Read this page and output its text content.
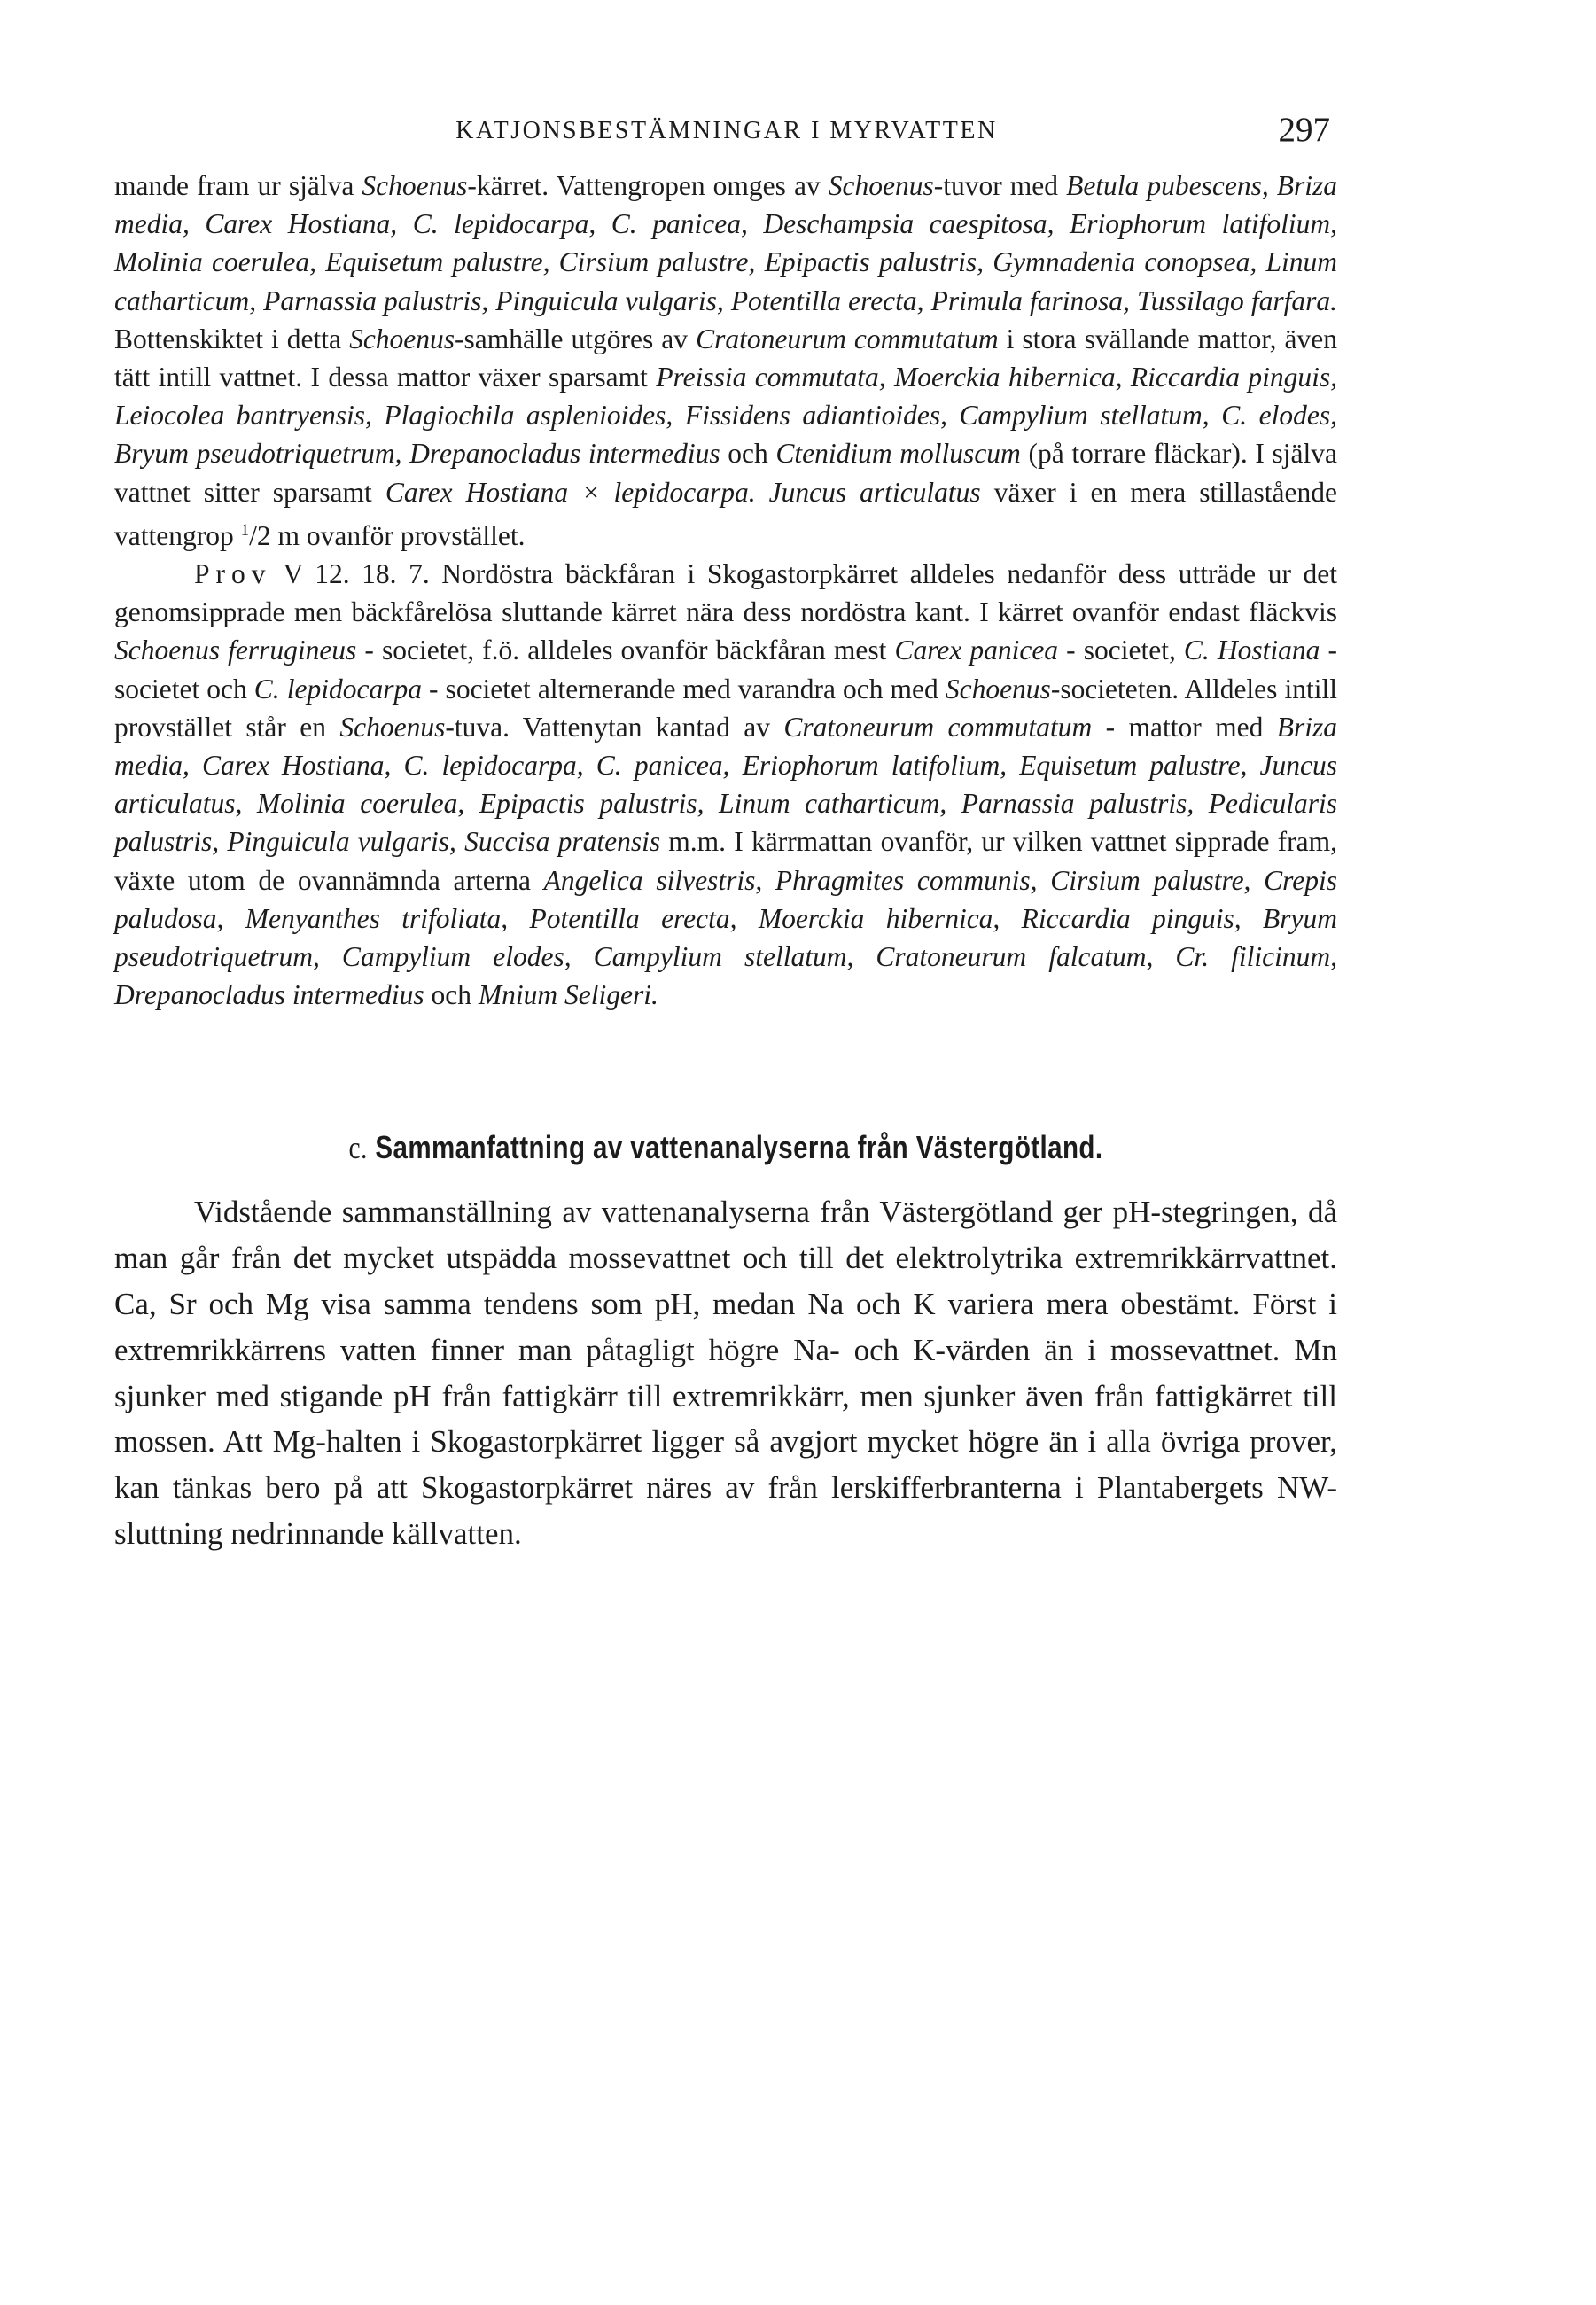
KATJONSBESTÄMNINGAR I MYRVATTEN	297

mande fram ur själva Schoenus-kärret. Vattengropen omges av Schoenus-tuvor med Betula pubescens, Briza media, Carex Hostiana, C. lepidocarpa, C. panicea, Deschampsia caespitosa, Eriophorum latifolium, Molinia coerulea, Equisetum palustre, Cirsium palustre, Epipactis palustris, Gymnadenia conopsea, Linum catharticum, Parnassia palustris, Pinguicula vulgaris, Potentilla erecta, Primula farinosa, Tussilago farfara. Bottenskiktet i detta Schoenus-samhälle utgöres av Cratoneurum commutatum i stora svällande mattor, även tätt intill vattnet. I dessa mattor växer sparsamt Preissia commutata, Moerckia hibernica, Riccardia pinguis, Leiocolea bantryensis, Plagiochila asplenioides, Fissidens adiantioides, Campylium stellatum, C. elodes, Bryum pseudotriquetrum, Drepanocladus intermedius och Ctenidium molluscum (på torrare fläckar). I själva vattnet sitter sparsamt Carex Hostiana × lepidocarpa. Juncus articulatus växer i en mera stillastående vattengrop $^1$/2 m ovanför provstället.

Prov V 12. 18. 7. Nordöstra bäckfåran i Skogastorpkärret alldeles nedanför dess utträde ur det genomsipprade men bäckfårelösa sluttande kärret nära dess nordöstra kant. I kärret ovanför endast fläckvis Schoenus ferrugineus - societet, f.ö. alldeles ovanför bäckfåran mest Carex panicea - societet, C. Hostiana - societet och C. lepidocarpa - societet alternerande med varandra och med Schoenus-societeten. Alldeles intill provstället står en Schoenus-tuva. Vattenytan kantad av Cratoneurum commutatum - mattor med Briza media, Carex Hostiana, C. lepidocarpa, C. panicea, Eriophorum latifolium, Equisetum palustre, Juncus articulatus, Molinia coerulea, Epipactis palustris, Linum catharticum, Parnassia palustris, Pedicularis palustris, Pinguicula vulgaris, Succisa pratensis m.m. I kärrmattan ovanför, ur vilken vattnet sipprade fram, växte utom de ovannämnda arterna Angelica silvestris, Phragmites communis, Cirsium palustre, Crepis paludosa, Menyanthes trifoliata, Potentilla erecta, Moerckia hibernica, Riccardia pinguis, Bryum pseudotriquetrum, Campylium elodes, Campylium stellatum, Cratoneurum falcatum, Cr. filicinum, Drepanocladus intermedius och Mnium Seligeri.

c. Sammanfattning av vattenanalyserna från Västergötland.

Vidstående sammanställning av vattenanalyserna från Västergötland ger pH-stegringen, då man går från det mycket utspädda mossevattnet och till det elektrolytrika extremrikkärrvattnet. Ca, Sr och Mg visa samma tendens som pH, medan Na och K variera mera obestämt. Först i extremrikkärrens vatten finner man påtagligt högre Na- och K-värden än i mossevattnet. Mn sjunker med stigande pH från fattigkärr till extremrikkärr, men sjunker även från fattigkärret till mossen. Att Mg-halten i Skogastorpkärret ligger så avgjort mycket högre än i alla övriga prover, kan tänkas bero på att Skogastorpkärret näres av från lerskifferbranterna i Plantabergets NW-sluttning nedrinnande källvatten.
